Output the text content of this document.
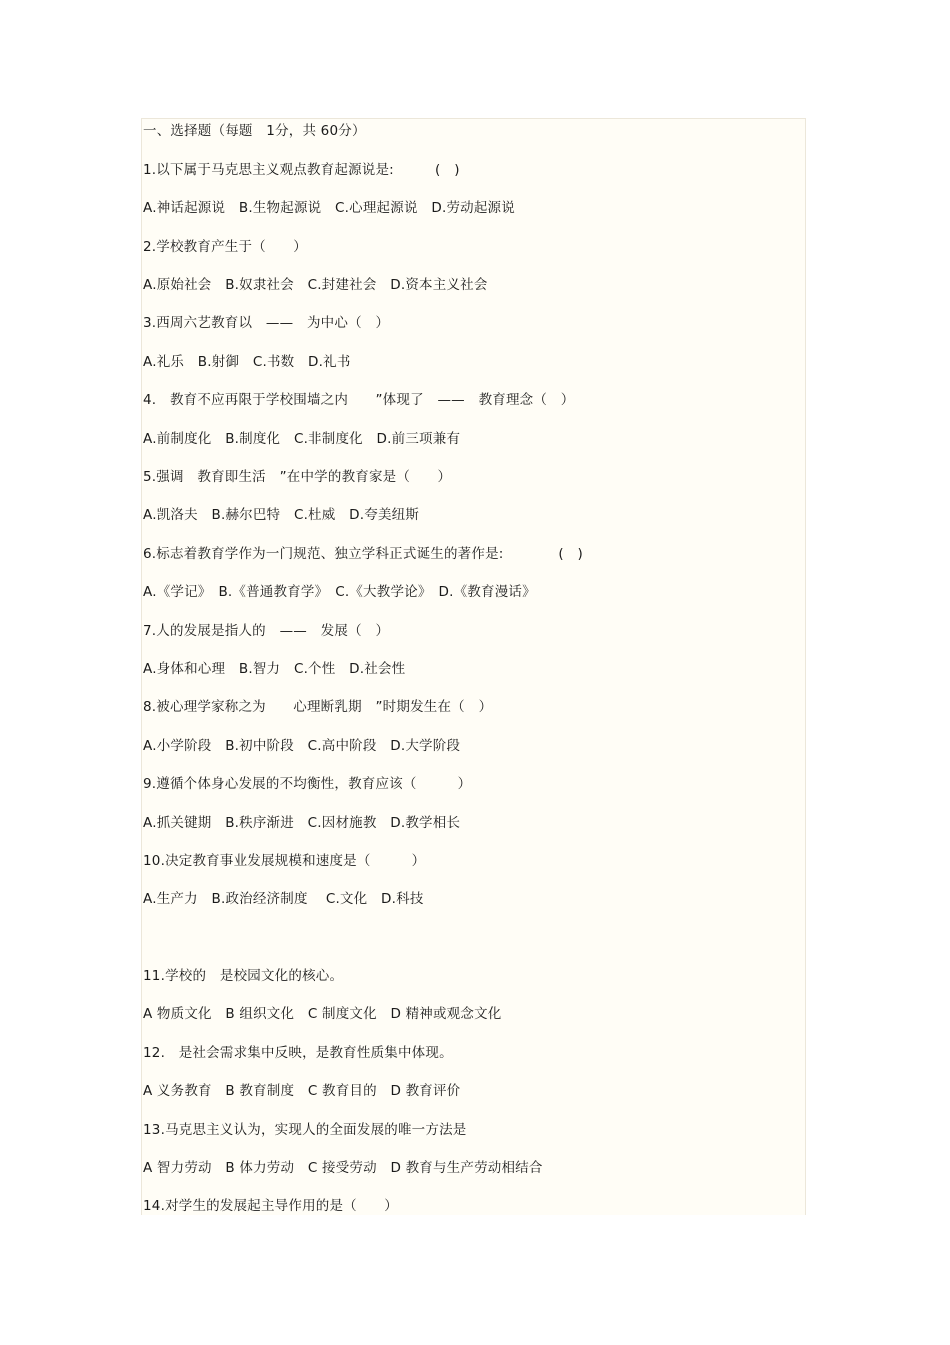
一、选择题（每题　1分，共 60分）
1.以下属于马克思主义观点教育起源说是:　　　(　)
A.神话起源说　B.生物起源说　C.心理起源说　D.劳动起源说
2.学校教育产生于（　　）
A.原始社会　B.奴隶社会　C.封建社会　D.资本主义社会
3.西周六艺教育以　——　为中心（　）
A.礼乐　B.射御　C.书数　D.礼书
4.　教育不应再限于学校围墙之内　　”体现了　——　教育理念（　）
A.前制度化　B.制度化　C.非制度化　D.前三项兼有
5.强调　教育即生活　”在中学的教育家是（　　）
A.凯洛夫　B.赫尔巴特　C.杜威　D.夸美纽斯
6.标志着教育学作为一门规范、独立学科正式诞生的著作是:　　　　(　)
A.《学记》　B.《普通教育学》　C.《大教学论》　D.《教育漫话》
7.人的发展是指人的　——　发展（　）
A.身体和心理　B.智力　C.个性　D.社会性
8.被心理学家称之为　　心理断乳期　”时期发生在（　）
A.小学阶段　B.初中阶段　C.高中阶段　D.大学阶段
9.遵循个体身心发展的不均衡性，教育应该（　　　）
A.抓关键期　B.秩序渐进　C.因材施教　D.教学相长
10.决定教育事业发展规模和速度是（　　　）
A.生产力　B.政治经济制度　 C.文化　D.科技
11.学校的　是校园文化的核心。
A 物质文化　B 组织文化　C 制度文化　D 精神或观念文化
12.　是社会需求集中反映，是教育性质集中体现。
A 义务教育　B 教育制度　C 教育目的　D 教育评价
13.马克思主义认为，实现人的全面发展的唯一方法是
A 智力劳动　B 体力劳动　C 接受劳动　D 教育与生产劳动相结合
14.对学生的发展起主导作用的是（　　）
